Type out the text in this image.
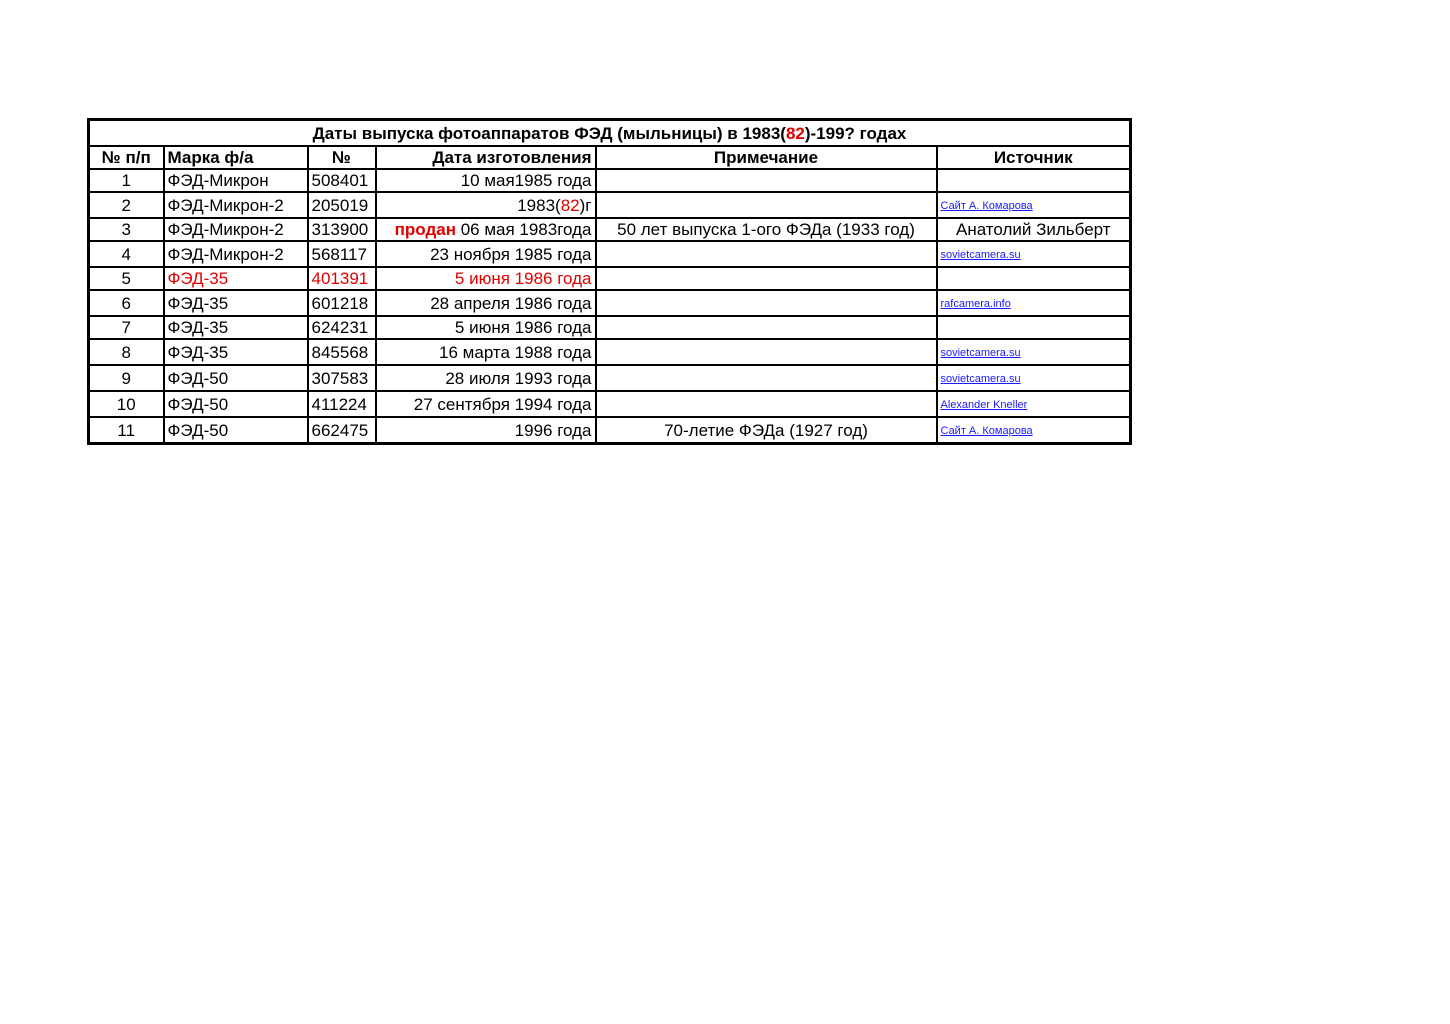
Даты выпуска фотоаппаратов ФЭД (мыльницы) в 1983(82)-199? годах					
№ п/п	Марка ф/а	№	Дата изготовления	Примечание	Источник
1	ФЭД-Микрон	508401	10 мая1985 года		
2	ФЭД-Микрон-2	205019	1983(82)г		Сайт А. Комарова
3	ФЭД-Микрон-2	313900	продан 06 мая 1983года	50 лет выпуска 1-ого ФЭДа (1933 год)	Анатолий Зильберт

4	ФЭД-Микрон-2	568117	23 ноября 1985 года		sovietcamera.su
5	ФЭД-35	401391	5 июня 1986 года		
6	ФЭД-35	601218	28 апреля 1986 года		rafcamera.info
7	ФЭД-35	624231	5 июня 1986 года		
8	ФЭД-35	845568	16 марта 1988 года		sovietcamera.su
9	ФЭД-50	307583	28 июля 1993 года		sovietcamera.su
10	ФЭД-50	411224	27 сентября 1994 года		Alexander Kneller
11	ФЭД-50	662475	1996 года	70-летие ФЭДа (1927 год)	Сайт А. Комарова
